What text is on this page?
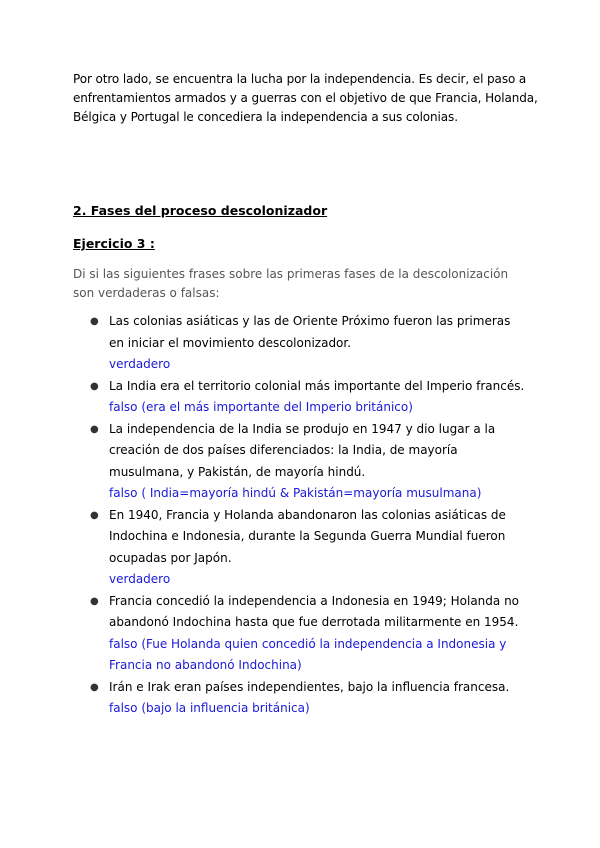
Por otro lado, se encuentra la lucha por la independencia. Es decir, el paso a enfrentamientos armados y a guerras con el objetivo de que Francia, Holanda, Bélgica y Portugal le concediera la independencia a sus colonias.

2. Fases del proceso descolonizador
Ejercicio 3 :

Di si las siguientes frases sobre las primeras fases de la descolonización son verdaderas o falsas:

● Las colonias asiáticas y las de Oriente Próximo fueron las primeras en iniciar el movimiento descolonizador.
verdadero
● La India era el territorio colonial más importante del Imperio francés.
falso (era el más importante del Imperio británico)
● La independencia de la India se produjo en 1947 y dio lugar a la creación de dos países diferenciados: la India, de mayoría musulmana, y Pakistán, de mayoría hindú.
falso ( India=mayoría hindú & Pakistán=mayoría musulmana)
● En 1940, Francia y Holanda abandonaron las colonias asiáticas de Indochina e Indonesia, durante la Segunda Guerra Mundial fueron ocupadas por Japón.
verdadero
● Francia concedió la independencia a Indonesia en 1949; Holanda no abandonó Indochina hasta que fue derrotada militarmente en 1954.
falso (Fue Holanda quien concedió la independencia a Indonesia y Francia no abandonó Indochina)
● Irán e Irak eran países independientes, bajo la influencia francesa.
falso (bajo la influencia británica)
